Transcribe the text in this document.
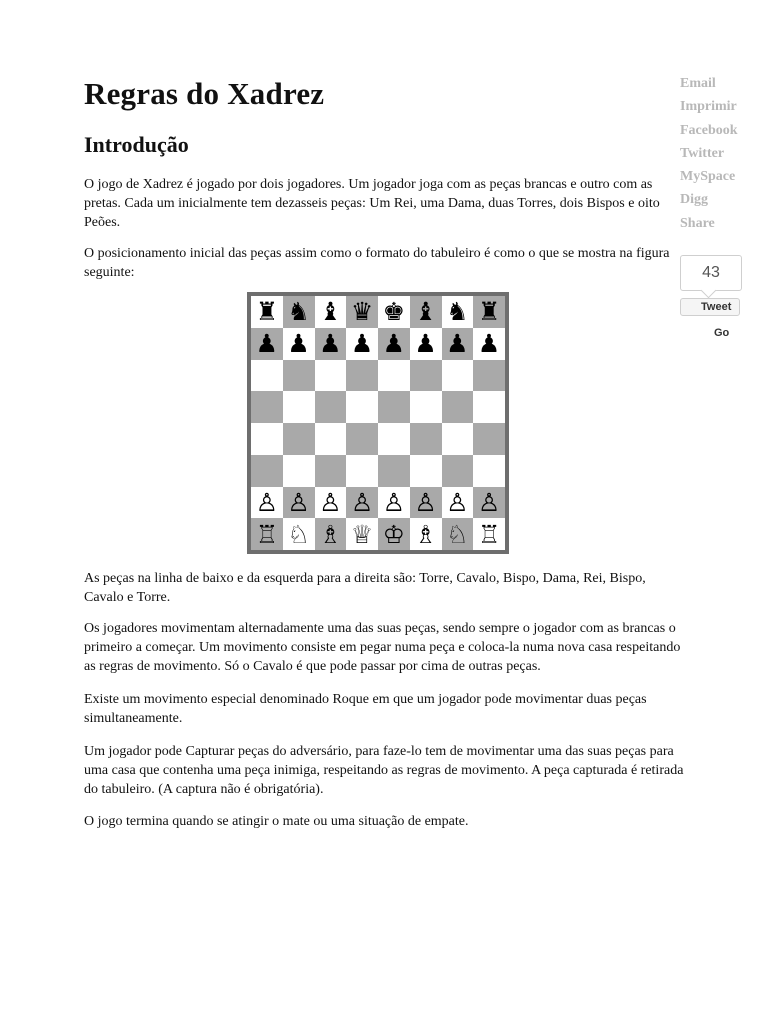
Regras do Xadrez
Introdução

O jogo de Xadrez é jogado por dois jogadores. Um jogador joga com as peças brancas e outro com as pretas. Cada um inicialmente tem dezasseis peças: Um Rei, uma Dama, duas Torres, dois Bispos e oito Peões.

O posicionamento inicial das peças assim como o formato do tabuleiro é como o que se mostra na figura seguinte:

♜ ♞ ♝ ♛ ♚ ♝ ♞ ♜
♟ ♟ ♟ ♟ ♟ ♟ ♟ ♟
♙ ♙ ♙ ♙ ♙ ♙ ♙ ♙
♖ ♘ ♗ ♕ ♔ ♗ ♘ ♖

As peças na linha de baixo e da esquerda para a direita são: Torre, Cavalo, Bispo, Dama, Rei, Bispo, Cavalo e Torre.

Os jogadores movimentam alternadamente uma das suas peças, sendo sempre o jogador com as brancas o primeiro a começar. Um movimento consiste em pegar numa peça e coloca-la numa nova casa respeitando as regras de movimento. Só o Cavalo é que pode passar por cima de outras peças.

Existe um movimento especial denominado Roque em que um jogador pode movimentar duas peças simultaneamente.

Um jogador pode Capturar peças do adversário, para faze-lo tem de movimentar uma das suas peças para uma casa que contenha uma peça inimiga, respeitando as regras de movimento. A peça capturada é retirada do tabuleiro. (A captura não é obrigatória).

O jogo termina quando se atingir o mate ou uma situação de empate.

Email
Imprimir
Facebook
Twitter
MySpace
Digg
Share
43
Tweet
Go
